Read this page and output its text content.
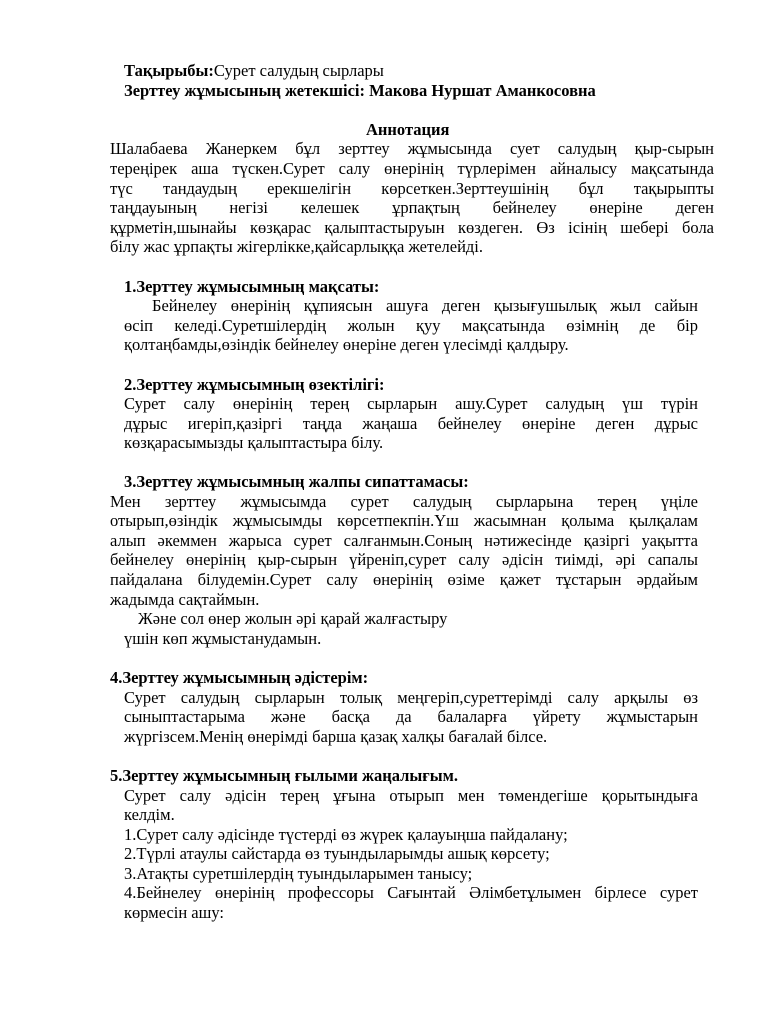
Тақырыбы:Сурет салудың сырлары
Зерттеу жұмысының жетекшісі: Макова Нуршат Аманкосовна
Аннотация
Шалабаева Жанеркем бұл зерттеу жұмысында сует салудың қыр-сырын
тереңірек аша түскен.Сурет салу өнерінің түрлерімен айналысу мақсатында
түс тандаудың ерекшелігін көрсеткен.Зерттеушінің бұл тақырыпты
таңдауының негізі келешек ұрпақтың бейнелеу өнеріне деген
құрметін,шынайы көзқарас қалыптастыруын көздеген. Өз ісінің шебері бола
білу жас ұрпақты жігерлікке,қайсарлыққа жетелейді.
1.Зерттеу жұмысымның мақсаты:
Бейнелеу өнерінің құпиясын ашуға деген қызығушылық жыл сайын
өсіп келеді.Суретшілердің жолын қуу мақсатында өзімнің де бір
қолтаңбамды,өзіндік бейнелеу өнеріне деген үлесімді қалдыру.
2.Зерттеу жұмысымның өзектілігі:
Сурет салу өнерінің терең сырларын ашу.Сурет салудың үш түрін
дұрыс игеріп,қазіргі таңда жаңаша бейнелеу өнеріне деген дұрыс
көзқарасымызды қалыптастыра білу.
3.Зерттеу жұмысымның жалпы сипаттамасы:
Мен зерттеу жұмысымда сурет салудың сырларына терең үңіле
отырып,өзіндік жұмысымды көрсетпекпін.Үш жасымнан қолыма қылқалам
алып әкеммен жарыса сурет салғанмын.Соның нәтижесінде қазіргі уақытта
бейнелеу өнерінің қыр-сырын үйреніп,сурет салу әдісін тиімді, әрі сапалы
пайдалана білудемін.Сурет салу өнерінің өзіме қажет тұстарын әрдайым
жадымда сақтаймын.
Және сол өнер жолын әрі қарай жалғастыру
үшін көп жұмыстанудамын.
4.Зерттеу жұмысымның әдістерім:
Сурет салудың сырларын толық меңгеріп,суреттерімді салу арқылы өз
сыныптастарыма және басқа да балаларға үйрету жұмыстарын
жүргізсем.Менің өнерімді барша қазақ халқы бағалай білсе.
5.Зерттеу жұмысымның ғылыми жаңалығым.
Сурет салу әдісін терең ұғына отырып мен төмендегіше қорытындыға
келдім.
1.Сурет салу әдісінде түстерді өз жүрек қалауыңша пайдалану;
2.Түрлі атаулы сайстарда өз туындыларымды ашық көрсету;
3.Атақты суретшілердің туындыларымен танысу;
4.Бейнелеу өнерінің профессоры Сағынтай Әлімбетұлымен бірлесе сурет
көрмесін ашу:
